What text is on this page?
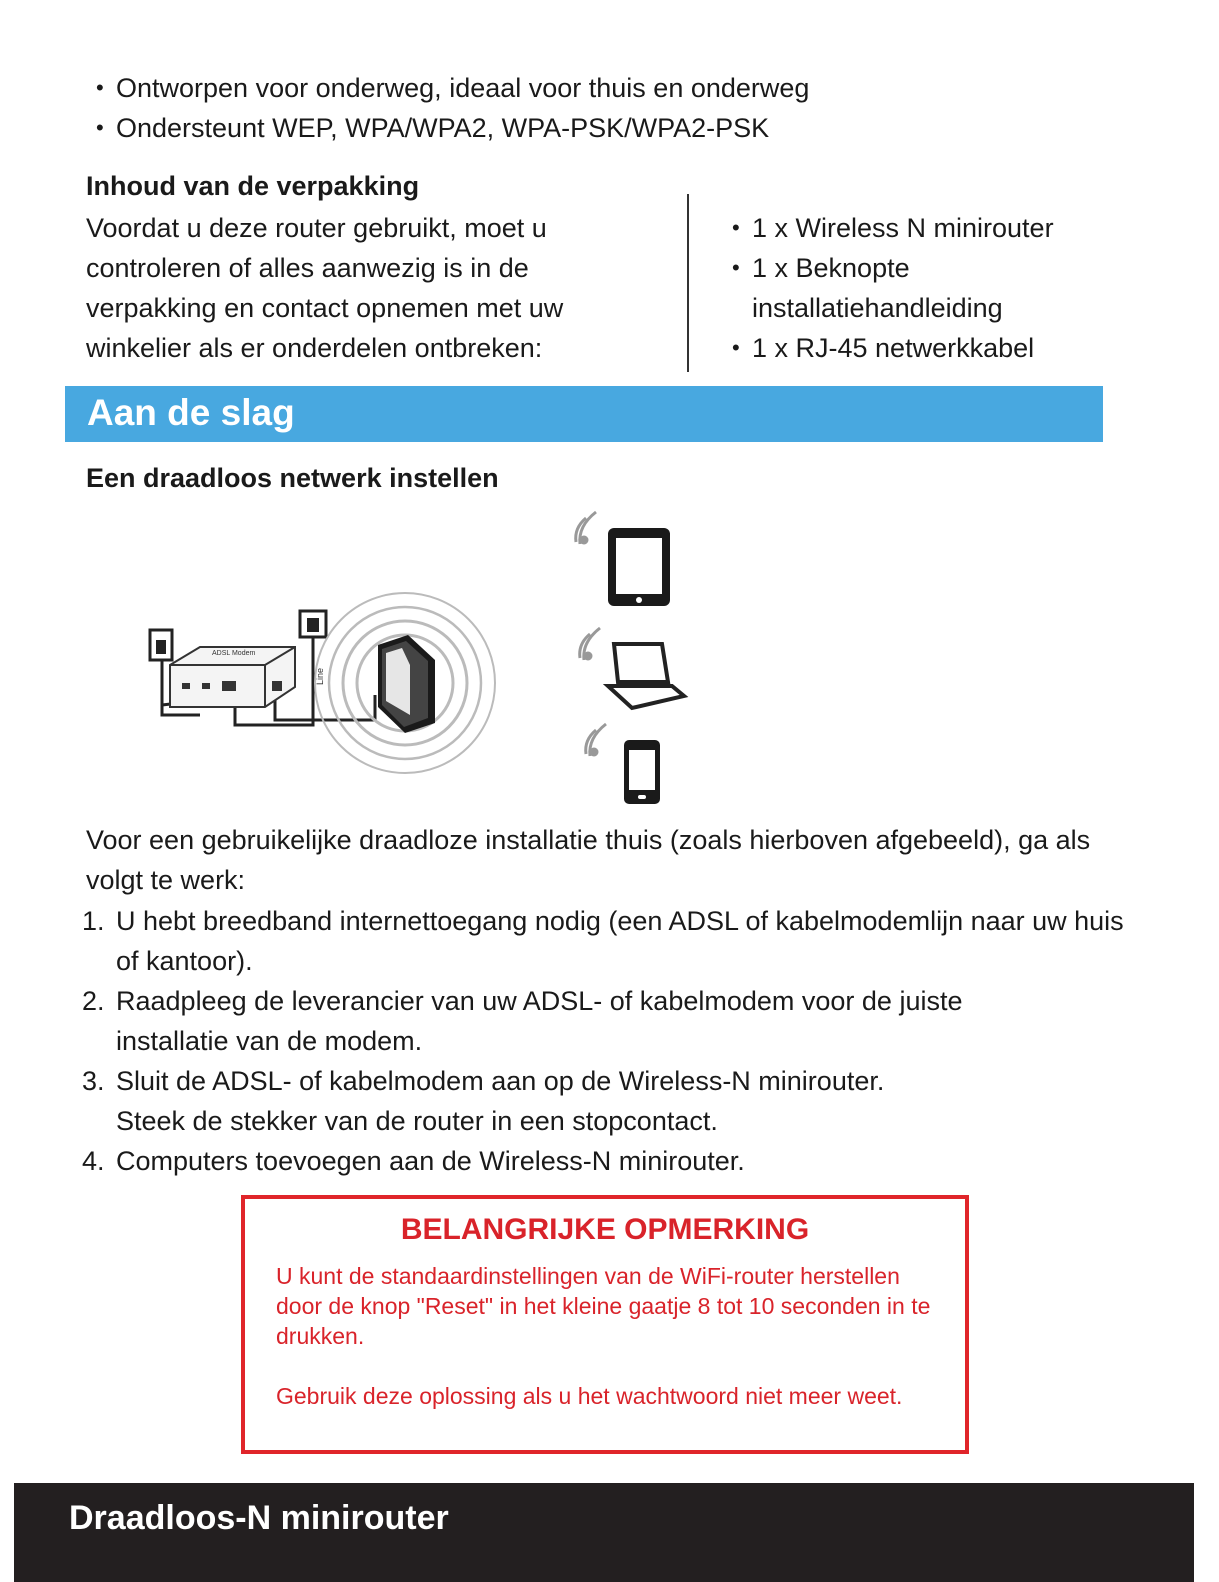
• Ontworpen voor onderweg, ideaal voor thuis en onderweg
• Ondersteunt WEP, WPA/WPA2, WPA-PSK/WPA2-PSK
Inhoud van de verpakking
Voordat u deze router gebruikt, moet u
controleren of alles aanwezig is in de
verpakking en contact opnemen met uw
winkelier als er onderdelen ontbreken:
• 1 x Wireless N minirouter
• 1 x Beknopte installatiehandleiding
• 1 x RJ-45 netwerkkabel
Aan de slag
Een draadloos netwerk instellen
ADSL Modem
Line
Voor een gebruikelijke draadloze installatie thuis (zoals hierboven afgebeeld), ga als volgt te werk:
1. U hebt breedband internettoegang nodig (een ADSL of kabelmodemlijn naar uw huis of kantoor).
2. Raadpleeg de leverancier van uw ADSL- of kabelmodem voor de juiste installatie van de modem.
3. Sluit de ADSL- of kabelmodem aan op de Wireless-N minirouter.
Steek de stekker van de router in een stopcontact.
4. Computers toevoegen aan de Wireless-N minirouter.
BELANGRIJKE OPMERKING

U kunt de standaardinstellingen van de WiFi-router herstellen door de knop "Reset" in het kleine gaatje 8 tot 10 seconden in te drukken.

Gebruik deze oplossing als u het wachtwoord niet meer weet.

Draadloos-N minirouter
